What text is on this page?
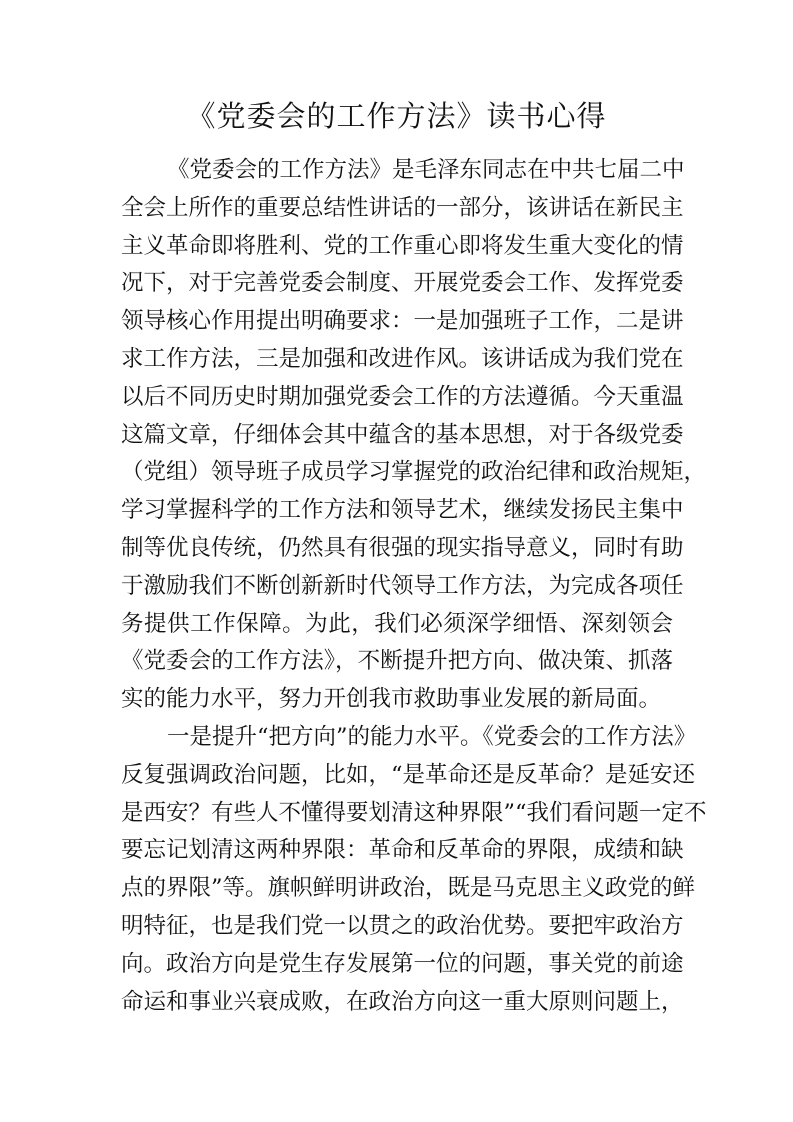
《党委会的工作方法》读书心得
《党委会的工作方法》是毛泽东同志在中共七届二中
全会上所作的重要总结性讲话的一部分，该讲话在新民主
主义革命即将胜利、党的工作重心即将发生重大变化的情
况下，对于完善党委会制度、开展党委会工作、发挥党委
领导核心作用提出明确要求：一是加强班子工作，二是讲
求工作方法，三是加强和改进作风。该讲话成为我们党在
以后不同历史时期加强党委会工作的方法遵循。今天重温
这篇文章，仔细体会其中蕴含的基本思想，对于各级党委
（党组）领导班子成员学习掌握党的政治纪律和政治规矩，
学习掌握科学的工作方法和领导艺术，继续发扬民主集中
制等优良传统，仍然具有很强的现实指导意义，同时有助
于激励我们不断创新新时代领导工作方法，为完成各项任
务提供工作保障。为此，我们必须深学细悟、深刻领会
《党委会的工作方法》，不断提升把方向、做决策、抓落
实的能力水平，努力开创我市救助事业发展的新局面。
一是提升“把方向”的能力水平。《党委会的工作方法》
反复强调政治问题，比如，“是革命还是反革命？是延安还
是西安？有些人不懂得要划清这种界限”“我们看问题一定不
要忘记划清这两种界限：革命和反革命的界限，成绩和缺
点的界限”等。旗帜鲜明讲政治，既是马克思主义政党的鲜
明特征，也是我们党一以贯之的政治优势。要把牢政治方
向。政治方向是党生存发展第一位的问题，事关党的前途
命运和事业兴衰成败，在政治方向这一重大原则问题上，
